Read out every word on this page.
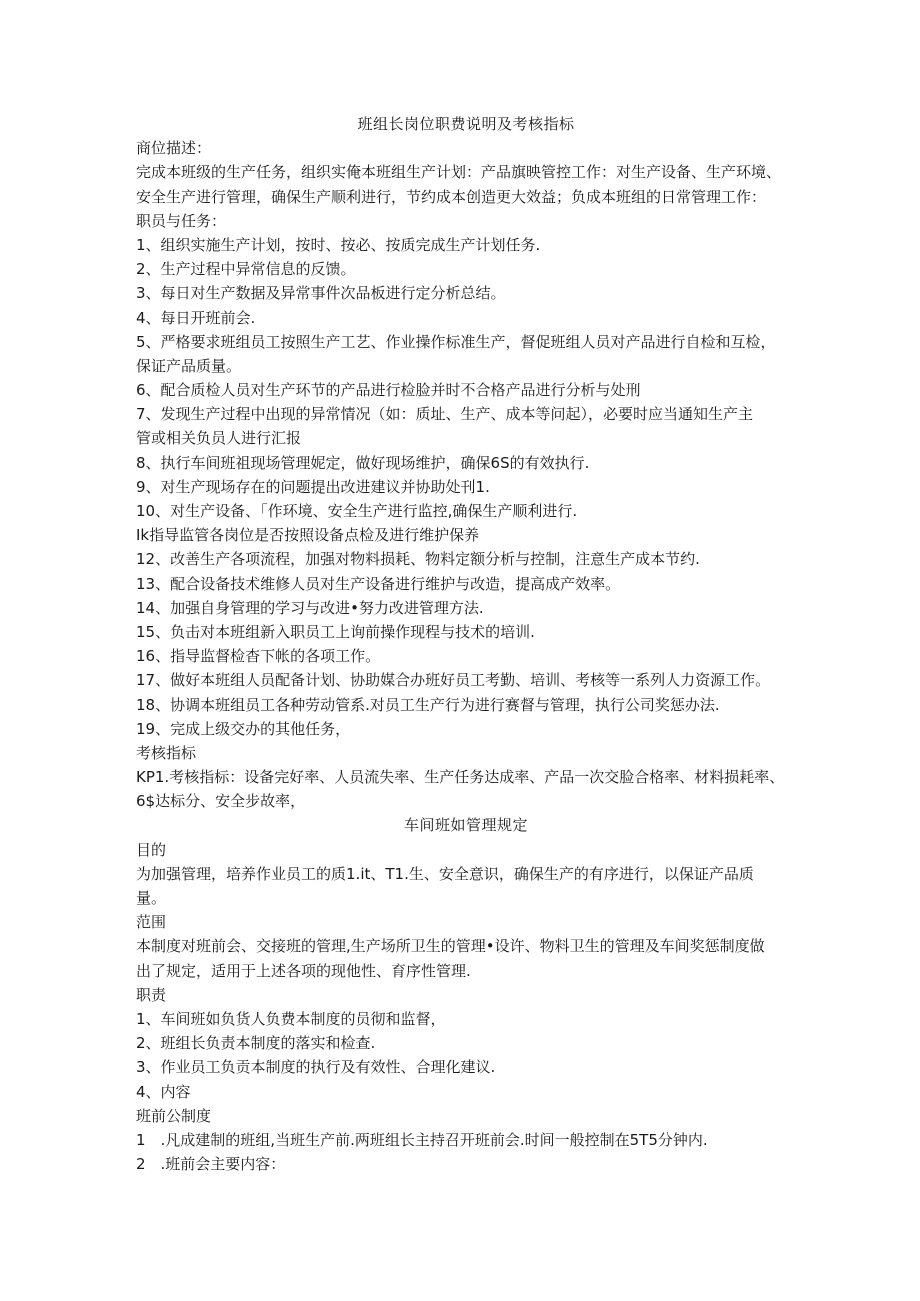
班组长岗位职费说明及考核指标
商位描述：
完成本班级的生产任务，组织实俺本班组生产计划：产品旗映管控工作：对生产设备、生产环境、
安全生产进行管理，确保生产顺利进行，节约成本创造更大效益；负成本班组的日常管理工作：
职员与任务：
1、组织实施生产计划，按时、按必、按质完成生产计划任务.
2、生产过程中异常信息的反馈。
3、每日对生产数据及异常事件次品板进行定分析总结。
4、每日开班前会.
5、严格要求班组员工按照生产工艺、作业操作标准生产，督促班组人员对产品进行自检和互检，
保证产品质量。
6、配合质检人员对生产环节的产品进行检脸并时不合格产品进行分析与处刑
7、发现生产过程中出现的异常情况（如：质址、生产、成本等问起），必要时应当通知生产主
管或相关负员人进行汇报
8、执行车间班祖现场管理妮定，做好现场维护，确保6S的有效执行.
9、对生产现场存在的问题提出改进建议并协助处刊1.
10、对生产设备、「作环境、安全生产进行监控,确保生产顺利进行.
Ik指导监管各岗位是否按照设备点检及进行维护保养
12、改善生产各项流程，加强对物料损耗、物料定额分析与控制，注意生产成本节约.
13、配合设备技术维修人员对生产设备进行维护与改造，提高成产效率。
14、加强自身管理的学习与改进•努力改进管理方法.
15、负击对本班组新入职员工上询前操作现程与技术的培训.
16、指导监督检杳下帐的各项工作。
17、做好本班组人员配备计划、协助媒合办班好员工考勤、培训、考核等一系列人力资源工作。
18、协调本班组员工各种劳动管系.对员工生产行为进行赛督与管理，执行公司奖惩办法.
19、完成上级交办的其他任务，
考核指标
KP1.考核指标：设备完好率、人员流失率、生产任务达成率、产品一次交脸合格率、材料损耗率、
6$达标分、安全步故率，
车间班如管理规定
目的
为加强管理，培养作业员工的质1.it、T1.生、安全意识，确保生产的有序进行，以保证产品质
量。
范围
本制度对班前会、交接班的管理,生产场所卫生的管理•设许、物料卫生的管理及车间奖惩制度做
出了规定，适用于上述各项的现他性、育序性管理.
职责
1、车间班如负货人负费本制度的员彻和监督，
2、班组长负责本制度的落实和检查.
3、作业员工负贡本制度的执行及有效性、合理化建议.
4、内容
班前公制度
1　.凡成建制的班组,当班生产前.两班组长主持召开班前会.时间一般控制在5T5分钟内.
2　.班前会主要内容：
